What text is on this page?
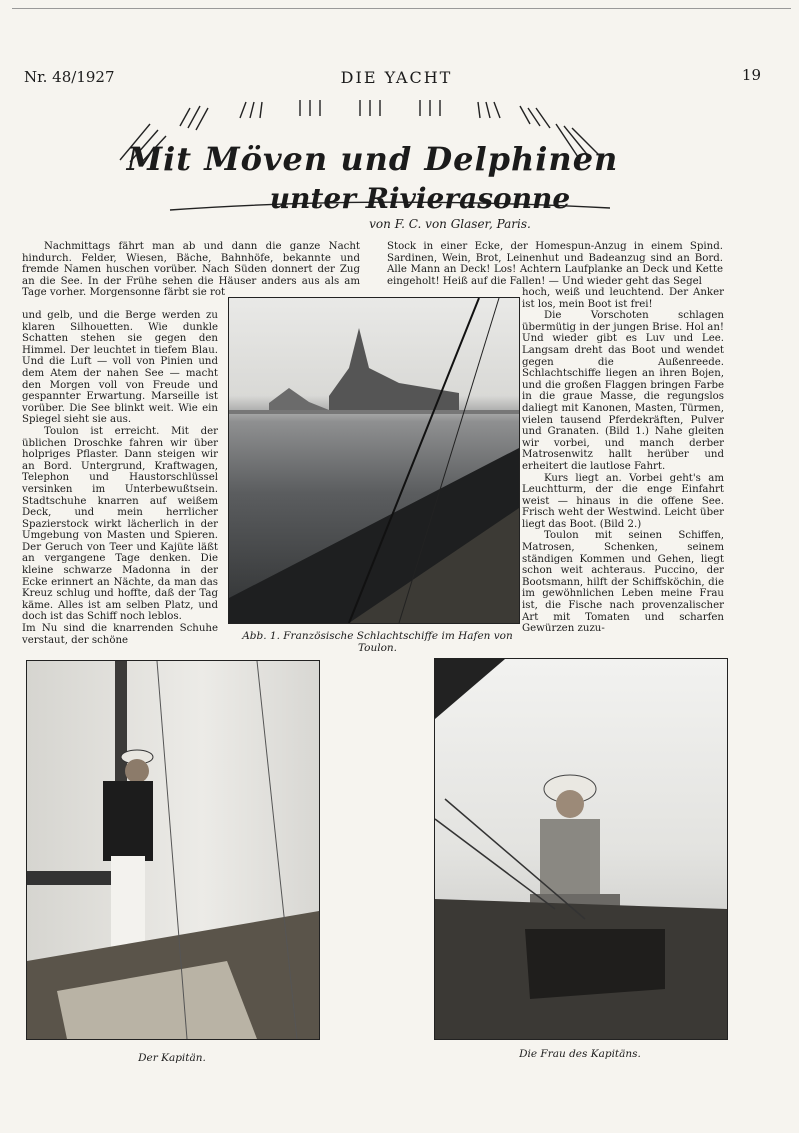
Nr. 48/1927	DIE YACHT	19
Mit Möven und Delphinen
unter Rivierasonne
von F. C. von Glaser, Paris.

Nachmittags fährt man ab und dann die ganze Nacht hindurch. Felder, Wiesen, Bäche, Bahnhöfe, bekannte und fremde Namen huschen vorüber. Nach Süden donnert der Zug an die See. In der Frühe sehen die Häuser anders aus als am Tage vorher. Morgensonne färbt sie rot

und gelb, und die Berge werden zu klaren Silhouetten. Wie dunkle Schatten stehen sie gegen den Himmel. Der leuchtet in tiefem Blau. Und die Luft — voll von Pinien und dem Atem der nahen See — macht den Morgen voll von Freude und gespannter Erwartung. Marseille ist vorüber. Die See blinkt weit. Wie ein Spiegel sieht sie aus.

Toulon ist erreicht. Mit der üblichen Droschke fahren wir über holpriges Pflaster. Dann steigen wir an Bord. Untergrund, Kraftwagen, Telephon und Haustorschlüssel versinken im Unterbewußtsein. Stadtschuhe knarren auf weißem Deck, und mein herrlicher Spazierstock wirkt lächerlich in der Umgebung von Masten und Spieren. Der Geruch von Teer und Kajüte läßt an vergangene Tage denken. Die kleine schwarze Madonna in der Ecke erinnert an Nächte, da man das Kreuz schlug und hoffte, daß der Tag käme. Alles ist am selben Platz, und doch ist das Schiff noch leblos.

Im Nu sind die knarrenden Schuhe verstaut, der schöne

Stock in einer Ecke, der Homespun-Anzug in einem Spind. Sardinen, Wein, Brot, Leinenhut und Badeanzug sind an Bord. Alle Mann an Deck! Los! Achtern Laufplanke an Deck und Kette eingeholt! Heiß auf die Fallen! — Und wieder geht das Segel

hoch, weiß und leuchtend. Der Anker ist los, mein Boot ist frei!

Die Vorschoten schlagen übermütig in der jungen Brise. Hol an! Und wieder gibt es Luv und Lee. Langsam dreht das Boot und wendet gegen die Außenreede. Schlachtschiffe liegen an ihren Bojen, und die großen Flaggen bringen Farbe in die graue Masse, die regungslos daliegt mit Kanonen, Masten, Türmen, vielen tausend Pferdekräften, Pulver und Granaten. (Bild 1.) Nahe gleiten wir vorbei, und manch derber Matrosenwitz hallt herüber und erheitert die lautlose Fahrt.

Kurs liegt an. Vorbei geht's am Leuchtturm, der die enge Einfahrt weist — hinaus in die offene See. Frisch weht der Westwind. Leicht über liegt das Boot. (Bild 2.)

Toulon mit seinen Schiffen, Matrosen, Schenken, seinem ständigen Kommen und Gehen, liegt schon weit achteraus. Puccino, der Bootsmann, hilft der Schiffsköchin, die im gewöhnlichen Leben meine Frau ist, die Fische nach provenzalischer Art mit Tomaten und scharfen Gewürzen zuzu-

Abb. 1. Französische Schlachtschiffe im Hafen von Toulon.
Der Kapitän.	Die Frau des Kapitäns.
